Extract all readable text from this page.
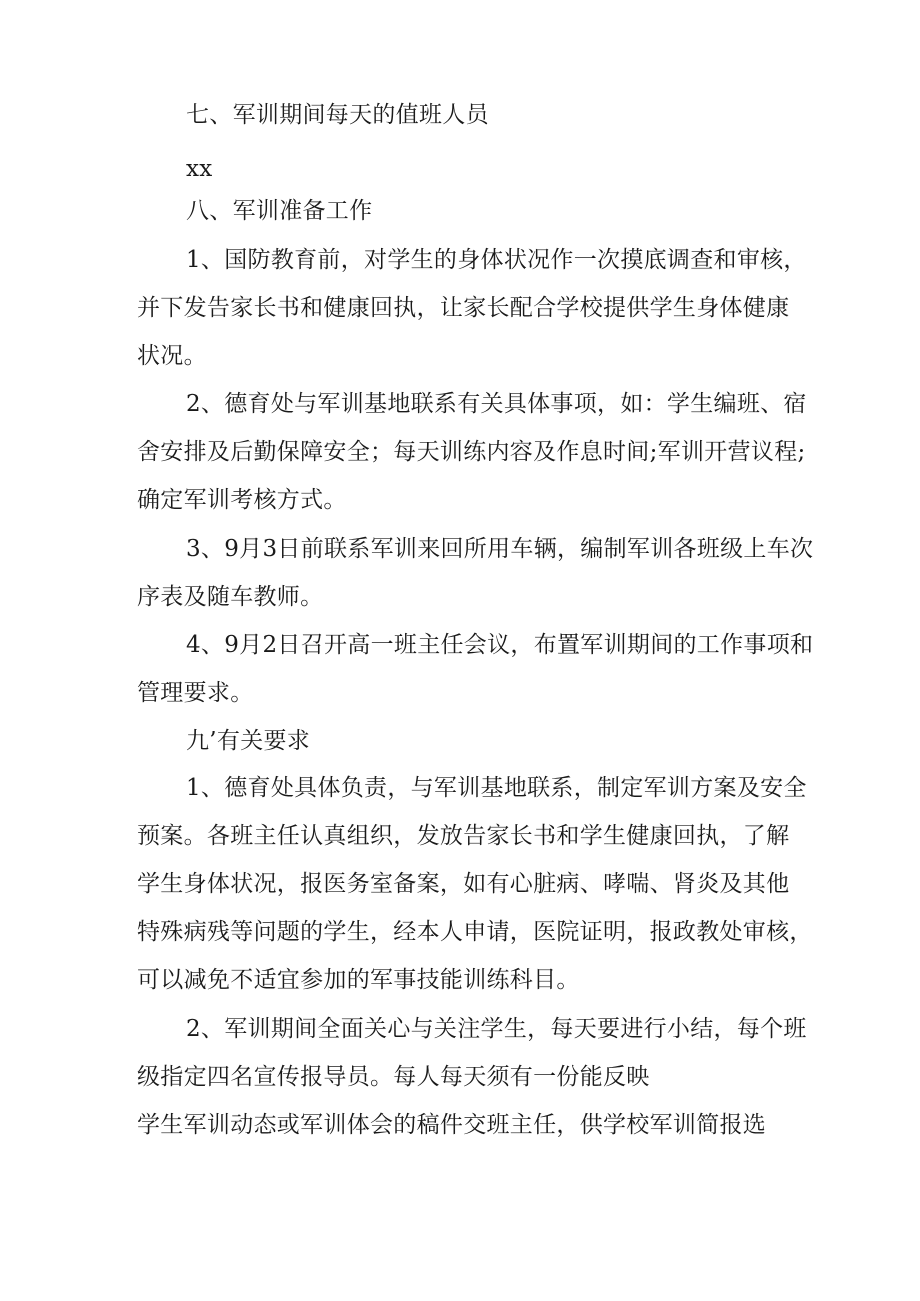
七、军训期间每天的值班人员
xx
八、军训准备工作
1、国防教育前，对学生的身体状况作一次摸底调查和审核，
并下发告家长书和健康回执，让家长配合学校提供学生身体健康
状况。
2、德育处与军训基地联系有关具体事项，如：学生编班、宿
舍安排及后勤保障安全；每天训练内容及作息时间;军训开营议程;
确定军训考核方式。
3、9月3日前联系军训来回所用车辆，编制军训各班级上车次
序表及随车教师。
4、9月2日召开高一班主任会议，布置军训期间的工作事项和
管理要求。
九’有关要求
1、德育处具体负责，与军训基地联系，制定军训方案及安全
预案。各班主任认真组织，发放告家长书和学生健康回执，了解
学生身体状况，报医务室备案，如有心脏病、哮喘、肾炎及其他
特殊病残等问题的学生，经本人申请，医院证明，报政教处审核，
可以减免不适宜参加的军事技能训练科目。
2、军训期间全面关心与关注学生，每天要进行小结，每个班
级指定四名宣传报导员。每人每天须有一份能反映
学生军训动态或军训体会的稿件交班主任，供学校军训简报选
